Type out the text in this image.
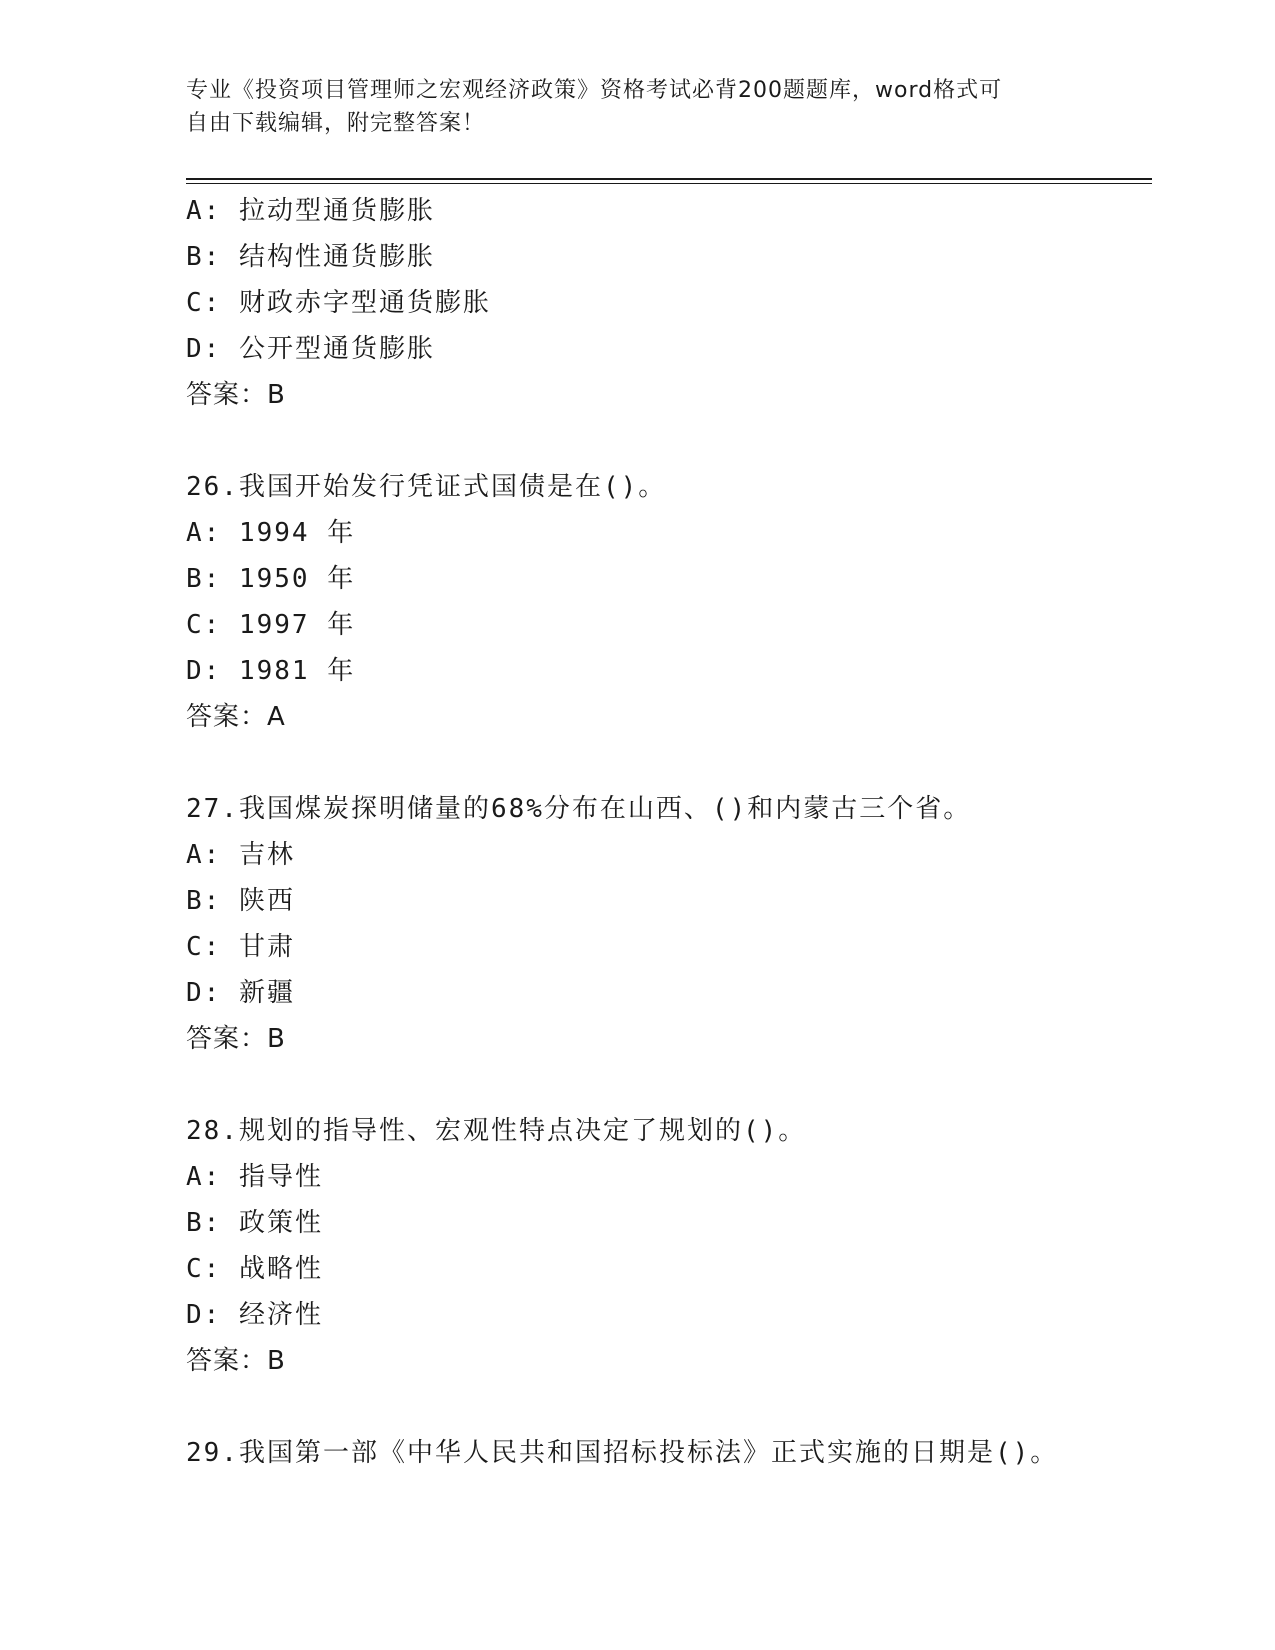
专业《投资项目管理师之宏观经济政策》资格考试必背200题题库，word格式可
自由下载编辑，附完整答案！
A: 拉动型通货膨胀
B: 结构性通货膨胀
C: 财政赤字型通货膨胀
D: 公开型通货膨胀
答案：B
26.我国开始发行凭证式国债是在()。
A: 1994 年
B: 1950 年
C: 1997 年
D: 1981 年
答案：A
27.我国煤炭探明储量的68%分布在山西、()和内蒙古三个省。
A: 吉林
B: 陕西
C: 甘肃
D: 新疆
答案：B
28.规划的指导性、宏观性特点决定了规划的()。
A: 指导性
B: 政策性
C: 战略性
D: 经济性
答案：B
29.我国第一部《中华人民共和国招标投标法》正式实施的日期是()。
